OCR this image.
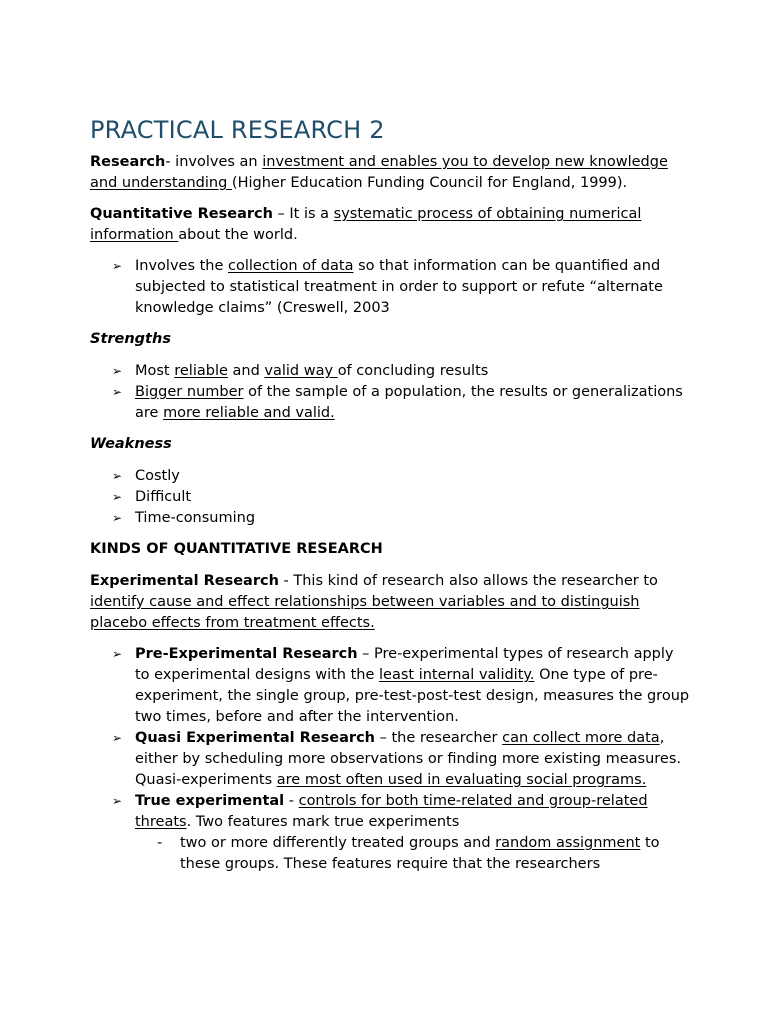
PRACTICAL RESEARCH 2

Research- involves an investment and enables you to develop new knowledge and understanding (Higher Education Funding Council for England, 1999).

Quantitative Research – It is a systematic process of obtaining numerical information about the world.

➢ Involves the collection of data so that information can be quantified and subjected to statistical treatment in order to support or refute “alternate knowledge claims” (Creswell, 2003
Strengths
➢ Most reliable and valid way of concluding results
➢ Bigger number of the sample of a population, the results or generalizations are more reliable and valid.
Weakness
➢ Costly
➢ Difficult
➢ Time-consuming
KINDS OF QUANTITATIVE RESEARCH

Experimental Research - This kind of research also allows the researcher to identify cause and effect relationships between variables and to distinguish placebo effects from treatment effects.

➢ Pre-Experimental Research – Pre-experimental types of research apply to experimental designs with the least internal validity. One type of pre-experiment, the single group, pre-test-post-test design, measures the group two times, before and after the intervention.
➢ Quasi Experimental Research – the researcher can collect more data, either by scheduling more observations or finding more existing measures. Quasi-experiments are most often used in evaluating social programs.
➢ True experimental - controls for both time-related and group-related threats. Two features mark true experiments
- two or more differently treated groups and random assignment to these groups. These features require that the researchers
